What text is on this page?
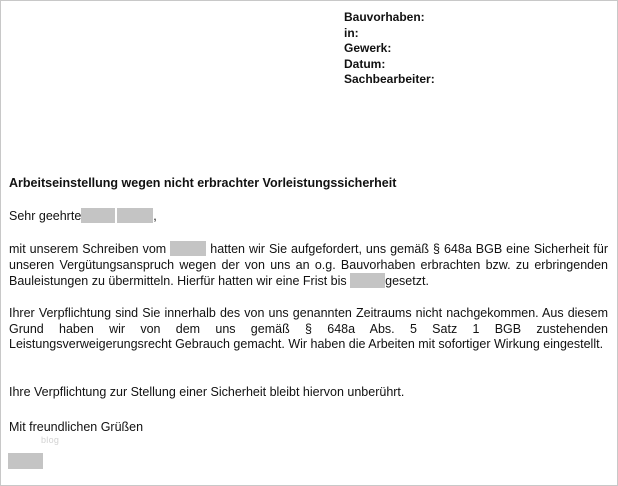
Bauvorhaben:
in:
Gewerk:
Datum:
Sachbearbeiter:

Arbeitseinstellung wegen nicht erbrachter Vorleistungssicherheit

Sehr geehrte	,

mit unserem Schreiben vom	hatten wir Sie aufgefordert, uns gemäß § 648a BGB eine Sicherheit für unseren Vergütungsanspruch wegen der von uns an o.g. Bauvorhaben erbrachten bzw. zu erbringenden Bauleistungen zu übermitteln. Hierfür hatten wir eine Frist bis	gesetzt.

Ihrer Verpflichtung sind Sie innerhalb des von uns genannten Zeitraums nicht nachgekommen. Aus diesem Grund haben wir von dem uns gemäß § 648a Abs. 5 Satz 1 BGB zustehenden Leistungsverweigerungsrecht Gebrauch gemacht. Wir haben die Arbeiten mit sofortiger Wirkung eingestellt.

Ihre Verpflichtung zur Stellung einer Sicherheit bleibt hiervon unberührt.

Mit freundlichen Grüßen

blog
